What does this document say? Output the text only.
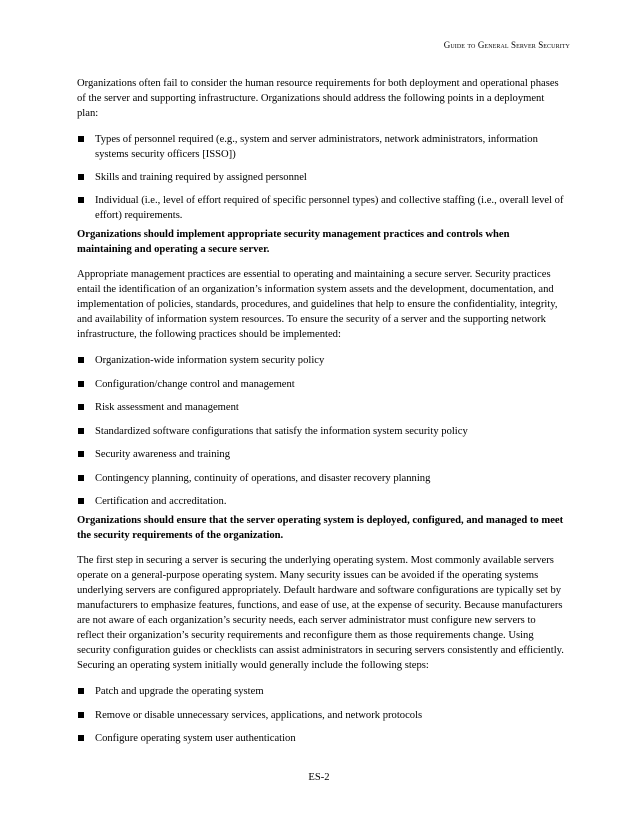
Guide to General Server Security

Organizations often fail to consider the human resource requirements for both deployment and operational phases of the server and supporting infrastructure. Organizations should address the following points in a deployment plan:

Types of personnel required (e.g., system and server administrators, network administrators, information systems security officers [ISSO])
Skills and training required by assigned personnel
Individual (i.e., level of effort required of specific personnel types) and collective staffing (i.e., overall level of effort) requirements.

Organizations should implement appropriate security management practices and controls when maintaining and operating a secure server.

Appropriate management practices are essential to operating and maintaining a secure server. Security practices entail the identification of an organization’s information system assets and the development, documentation, and implementation of policies, standards, procedures, and guidelines that help to ensure the confidentiality, integrity, and availability of information system resources. To ensure the security of a server and the supporting network infrastructure, the following practices should be implemented:

Organization-wide information system security policy
Configuration/change control and management
Risk assessment and management
Standardized software configurations that satisfy the information system security policy
Security awareness and training
Contingency planning, continuity of operations, and disaster recovery planning
Certification and accreditation.

Organizations should ensure that the server operating system is deployed, configured, and managed to meet the security requirements of the organization.

The first step in securing a server is securing the underlying operating system. Most commonly available servers operate on a general-purpose operating system. Many security issues can be avoided if the operating systems underlying servers are configured appropriately. Default hardware and software configurations are typically set by manufacturers to emphasize features, functions, and ease of use, at the expense of security. Because manufacturers are not aware of each organization’s security needs, each server administrator must configure new servers to reflect their organization’s security requirements and reconfigure them as those requirements change. Using security configuration guides or checklists can assist administrators in securing servers consistently and efficiently. Securing an operating system initially would generally include the following steps:

Patch and upgrade the operating system
Remove or disable unnecessary services, applications, and network protocols
Configure operating system user authentication
ES-2
